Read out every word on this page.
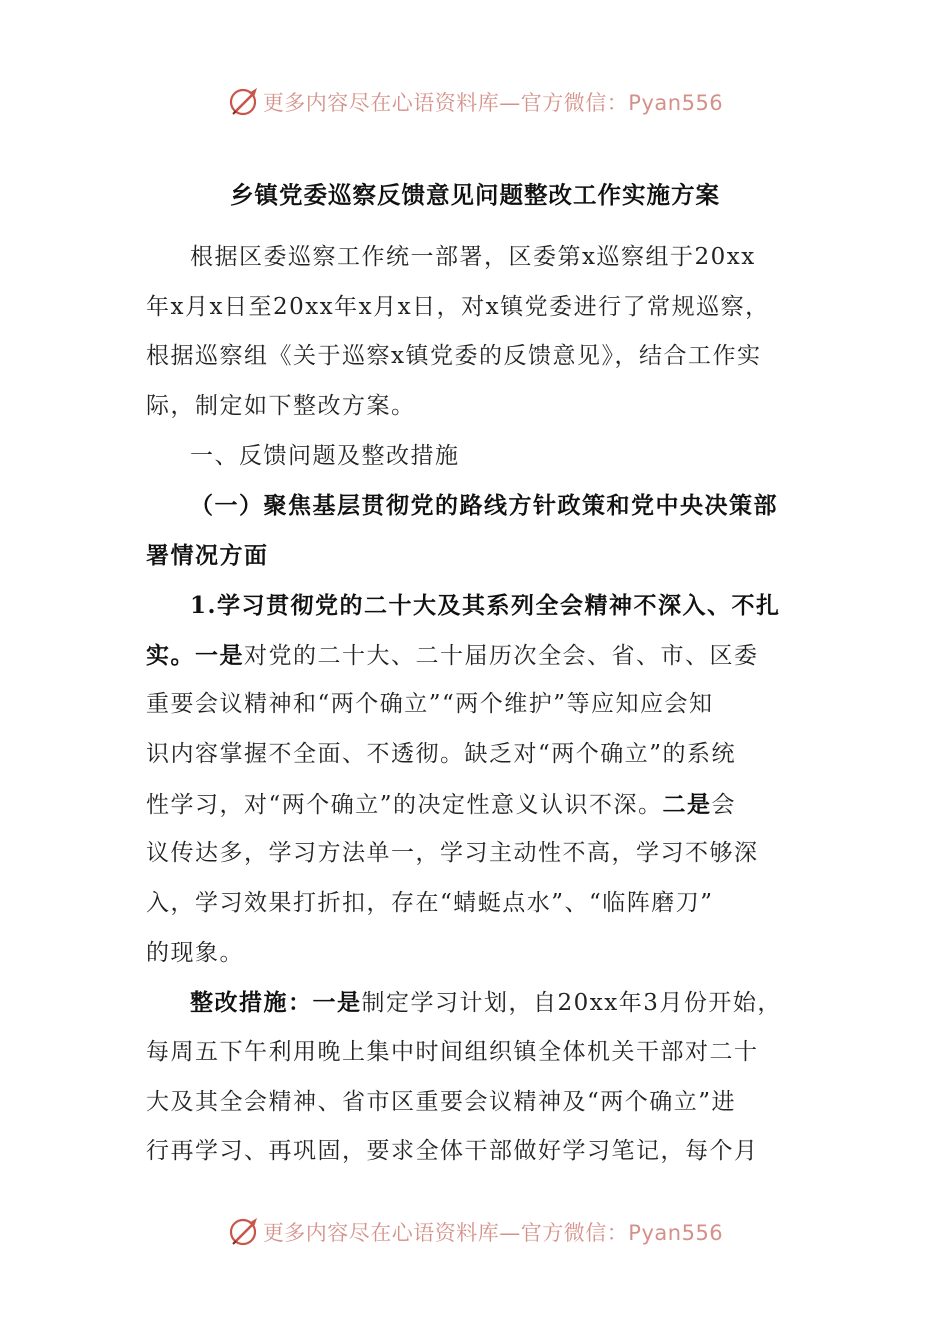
更多内容尽在心语资料库—官方微信：Pyan556
乡镇党委巡察反馈意见问题整改工作实施方案
根据区委巡察工作统一部署，区委第x巡察组于20xx
年x月x日至20xx年x月x日，对x镇党委进行了常规巡察，
根据巡察组《关于巡察x镇党委的反馈意见》，结合工作实
际，制定如下整改方案。
一、反馈问题及整改措施
（一）聚焦基层贯彻党的路线方针政策和党中央决策部
署情况方面
1.学习贯彻党的二十大及其系列全会精神不深入、不扎
实。一是对党的二十大、二十届历次全会、省、市、区委
重要会议精神和“两个确立”“两个维护”等应知应会知
识内容掌握不全面、不透彻。缺乏对“两个确立”的系统
性学习，对“两个确立”的决定性意义认识不深。二是会
议传达多，学习方法单一，学习主动性不高，学习不够深
入，学习效果打折扣，存在“蜻蜓点水”、“临阵磨刀”
的现象。
整改措施：一是制定学习计划，自20xx年3月份开始，
每周五下午利用晚上集中时间组织镇全体机关干部对二十
大及其全会精神、省市区重要会议精神及“两个确立”进
行再学习、再巩固，要求全体干部做好学习笔记，每个月
更多内容尽在心语资料库—官方微信：Pyan556
